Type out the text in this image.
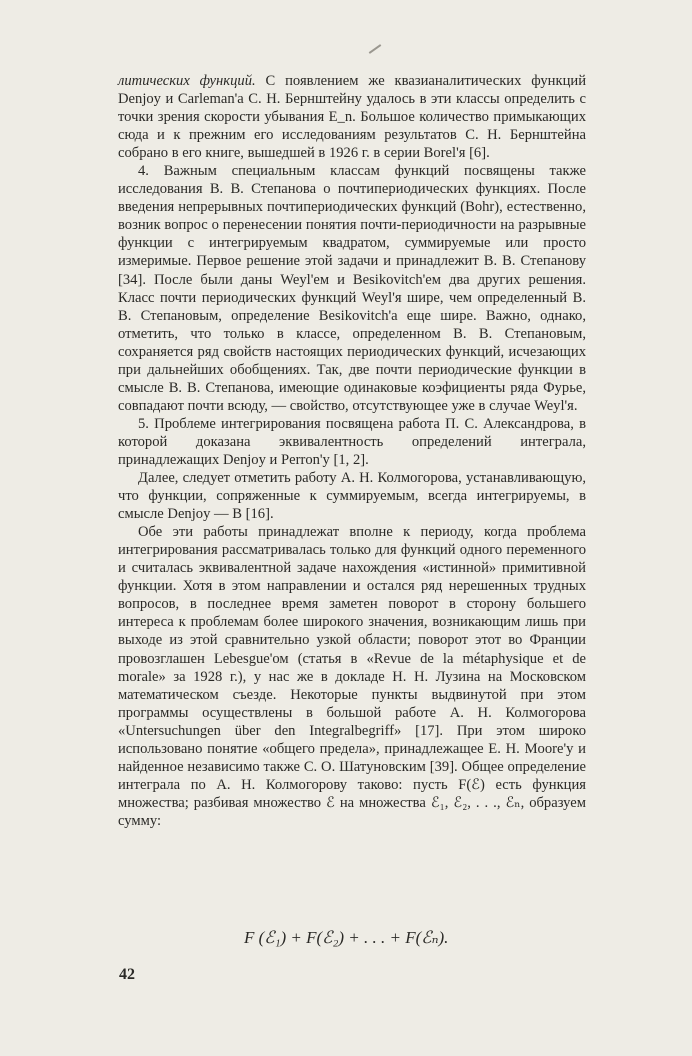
литических функций. С появлением же квазианалитических функций Denjoy и Carleman'a С. Н. Бернштейну удалось в эти классы определить с точки зрения скорости убывания E_n. Большое количество примыкающих сюда и к прежним его исследованиям результатов С. Н. Бернштейна собрано в его книге, вышедшей в 1926 г. в серии Borel'я [6].

4. Важным специальным классам функций посвящены также исследования В. В. Степанова о почтипериодических функциях. После введения непрерывных почтипериодических функций (Bohr), естественно, возник вопрос о перенесении понятия почти-периодичности на разрывные функции с интегрируемым квадратом, суммируемые или просто измеримые. Первое решение этой задачи и принадлежит В. В. Степанову [34]. После были даны Weyl'ем и Besikovitch'ем два других решения. Класс почти периодических функций Weyl'я шире, чем определенный В. В. Степановым, определение Besikovitch'a еще шире. Важно, однако, отметить, что только в классе, определенном В. В. Степановым, сохраняется ряд свойств настоящих периодических функций, исчезающих при дальнейших обобщениях. Так, две почти периодические функции в смысле В. В. Степанова, имеющие одинаковые коэфициенты ряда Фурье, совпадают почти всюду, — свойство, отсутствующее уже в случае Weyl'я.

5. Проблеме интегрирования посвящена работа П. С. Александрова, в которой доказана эквивалентность определений интеграла, принадлежащих Denjoy и Perron'y [1, 2].

Далее, следует отметить работу А. Н. Колмогорова, устанавливающую, что функции, сопряженные к суммируемым, всегда интегрируемы, в смысле Denjoy — B [16].

Обе эти работы принадлежат вполне к периоду, когда проблема интегрирования рассматривалась только для функций одного переменного и считалась эквивалентной задаче нахождения «истинной» примитивной функции. Хотя в этом направлении и остался ряд нерешенных трудных вопросов, в последнее время заметен поворот в сторону большего интереса к проблемам более широкого значения, возникающим лишь при выходе из этой сравнительно узкой области; поворот этот во Франции провозглашен Lebesgue'ом (статья в «Revue de la métaphysique et de morale» за 1928 г.), у нас же в докладе Н. Н. Лузина на Московском математическом съезде. Некоторые пункты выдвинутой при этом программы осуществлены в большой работе А. Н. Колмогорова «Untersuchungen über den Integralbegriff» [17]. При этом широко использовано понятие «общего предела», принадлежащее Е. Н. Moore'y и найденное независимо также С. О. Шатуновским [39]. Общее определение интеграла по А. Н. Колмогорову таково: пусть F(ℰ) есть функция множества; разбивая множество ℰ на множества ℰ₁, ℰ₂, . . ., ℰₙ, образуем сумму:

F (ℰ₁) + F(ℰ₂) + . . . + F(ℰₙ).
42
